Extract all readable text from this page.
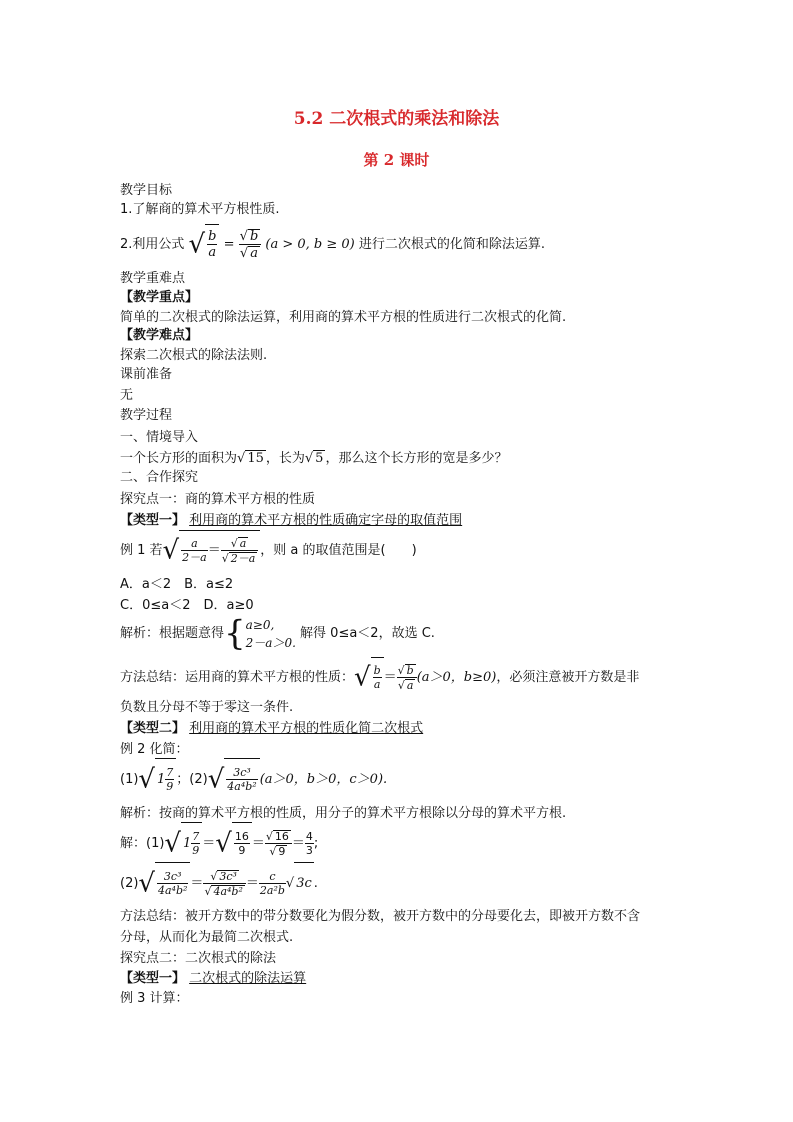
5.2 二次根式的乘法和除法
第 2 课时
教学目标
1.了解商的算术平方根性质.
2.利用公式 √ $\frac{b}{a} = \frac{√ b}{√ a} (a > 0$, b ≥ 0) 进行二次根式的化简和除法运算.
教学重难点
【教学重点】
简单的二次根式的除法运算，利用商的算术平方根的性质进行二次根式的化简.
【教学难点】
探索二次根式的除法法则.
课前准备
无
教学过程
一、情境导入
一个长方形的面积为√ 15 ，长为√ 5 ，那么这个长方形的宽是多少？
二、合作探究
探究点一：商的算术平方根的性质
【类型一】 利用商的算术平方根的性质确定字母的取值范围
例 1 若√ $\frac{a}{2-a} = \frac{√ a}{√ 2-a}$ ，则 a 的取值范围是(　　)
A．a＜2　B．a≤2
C．0≤a＜2　D．a≥0
解析：根据题意得{a≥0,
2－a＞0. 解得 0≤a＜2，故选 C.
方法总结：运用商的算术平方根的性质：√ $\frac{b}{a} = \frac{√ b}{√ a} (a>0$，b≥0)，必须注意被开方数是非
负数且分母不等于零这一条件.
【类型二】 利用商的算术平方根的性质化简二次根式
例 2 化简：
(1)√ $1 \frac{7}{9}$ ；$(2)√ \frac{\text{3c³}}{\text{4a⁴b²}} (a>0$，b＞0，c＞0).
解析：按商的算术平方根的性质，用分子的算术平方根除以分母的算术平方根.
解：(1)√ $1 \frac{7}{9}$ ＝√ $\frac{16}{9} = \frac{√ 16}{√ 9} = \frac{4}{3}$ ;
$(2)√ \frac{\text{3c³}}{\text{4a⁴b²}} = \frac{\text{√ 3c³}}{\text{√ 4a⁴b²}} = \frac{c}{\text{2a²b}}$ √ 3c .
方法总结：被开方数中的带分数要化为假分数，被开方数中的分母要化去，即被开方数不含
分母，从而化为最简二次根式.
探究点二：二次根式的除法
【类型一】 二次根式的除法运算
例 3 计算：
